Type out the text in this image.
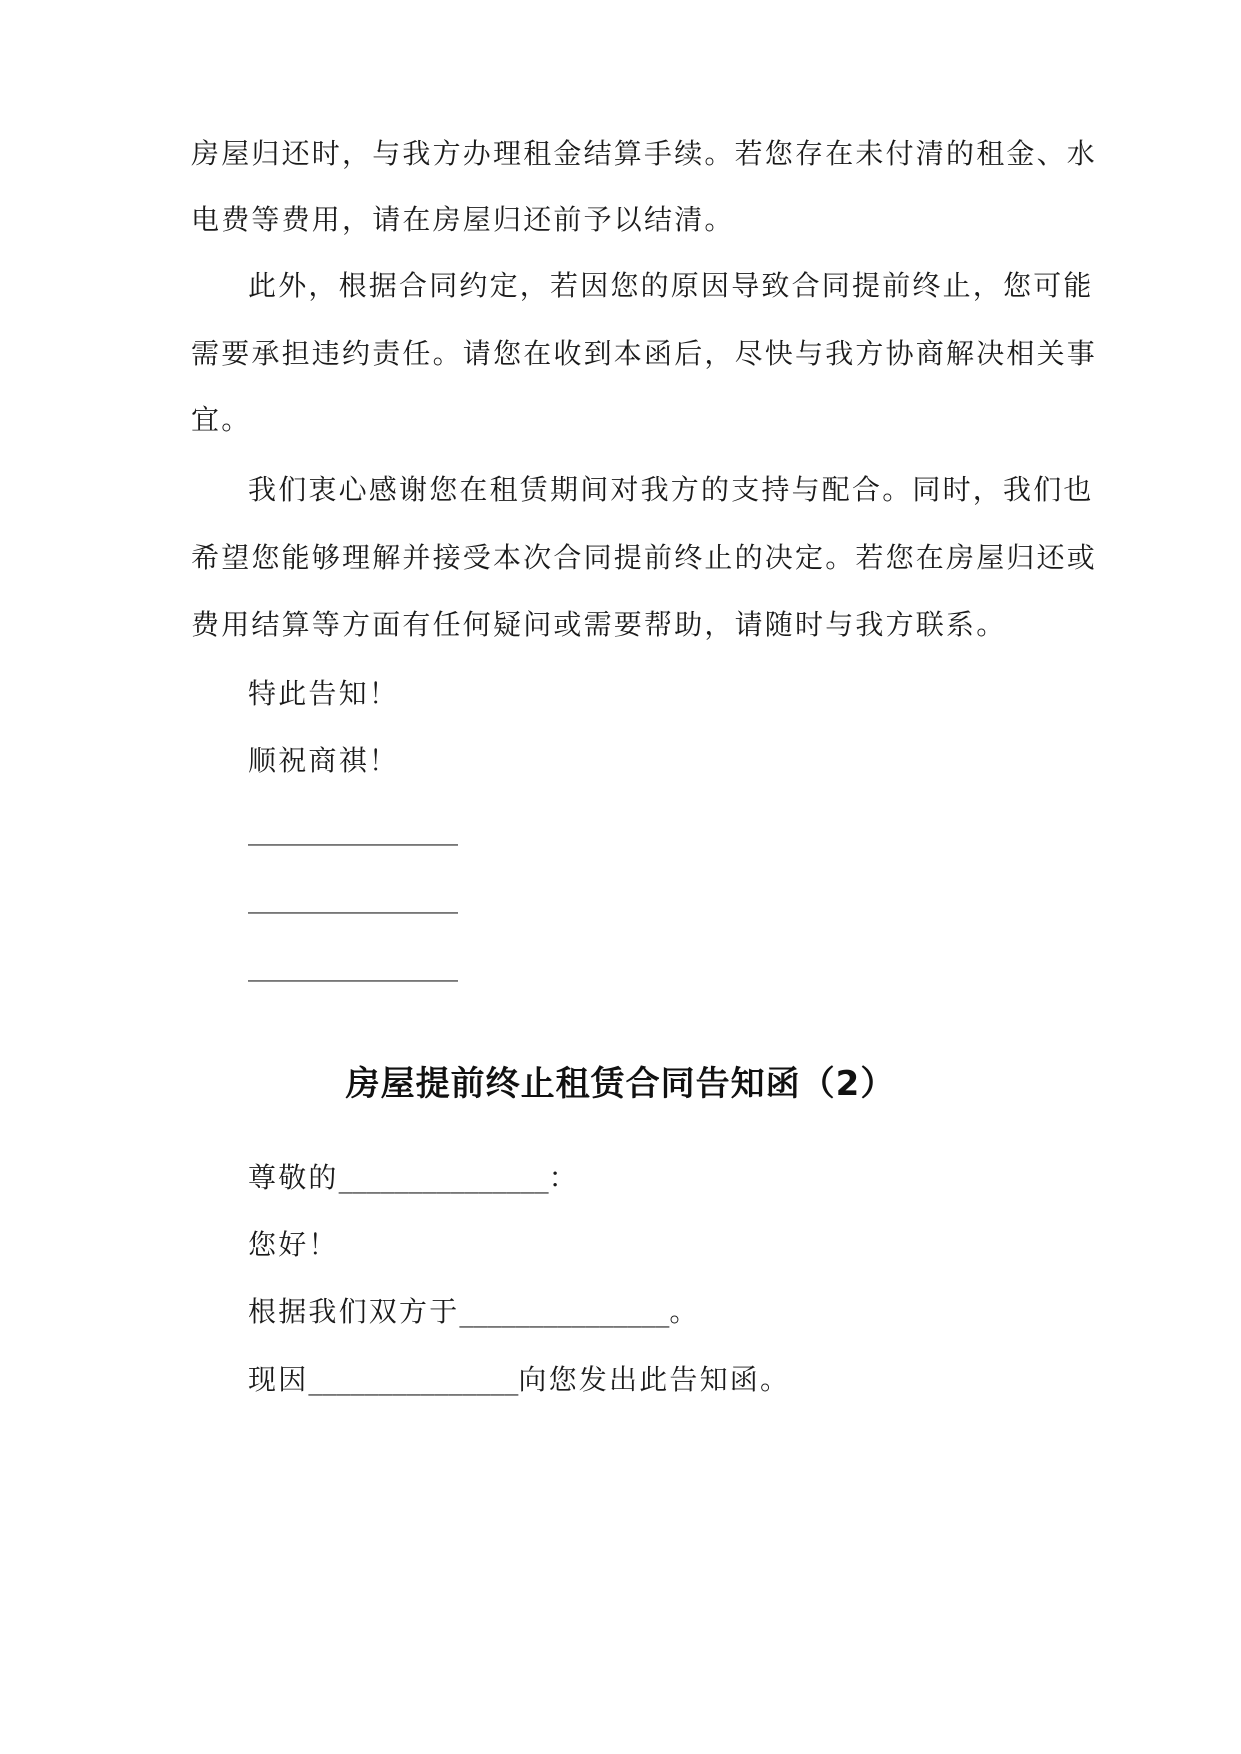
房屋归还时，与我方办理租金结算手续。若您存在未付清的租金、水
电费等费用，请在房屋归还前予以结清。
此外，根据合同约定，若因您的原因导致合同提前终止，您可能
需要承担违约责任。请您在收到本函后，尽快与我方协商解决相关事
宜。
我们衷心感谢您在租赁期间对我方的支持与配合。同时，我们也
希望您能够理解并接受本次合同提前终止的决定。若您在房屋归还或
费用结算等方面有任何疑问或需要帮助，请随时与我方联系。
特此告知！
顺祝商祺！
_______________
_______________
_______________
房屋提前终止租赁合同告知函（2）
尊敬的_______________：
您好！
根据我们双方于_______________。
现因_______________向您发出此告知函。
